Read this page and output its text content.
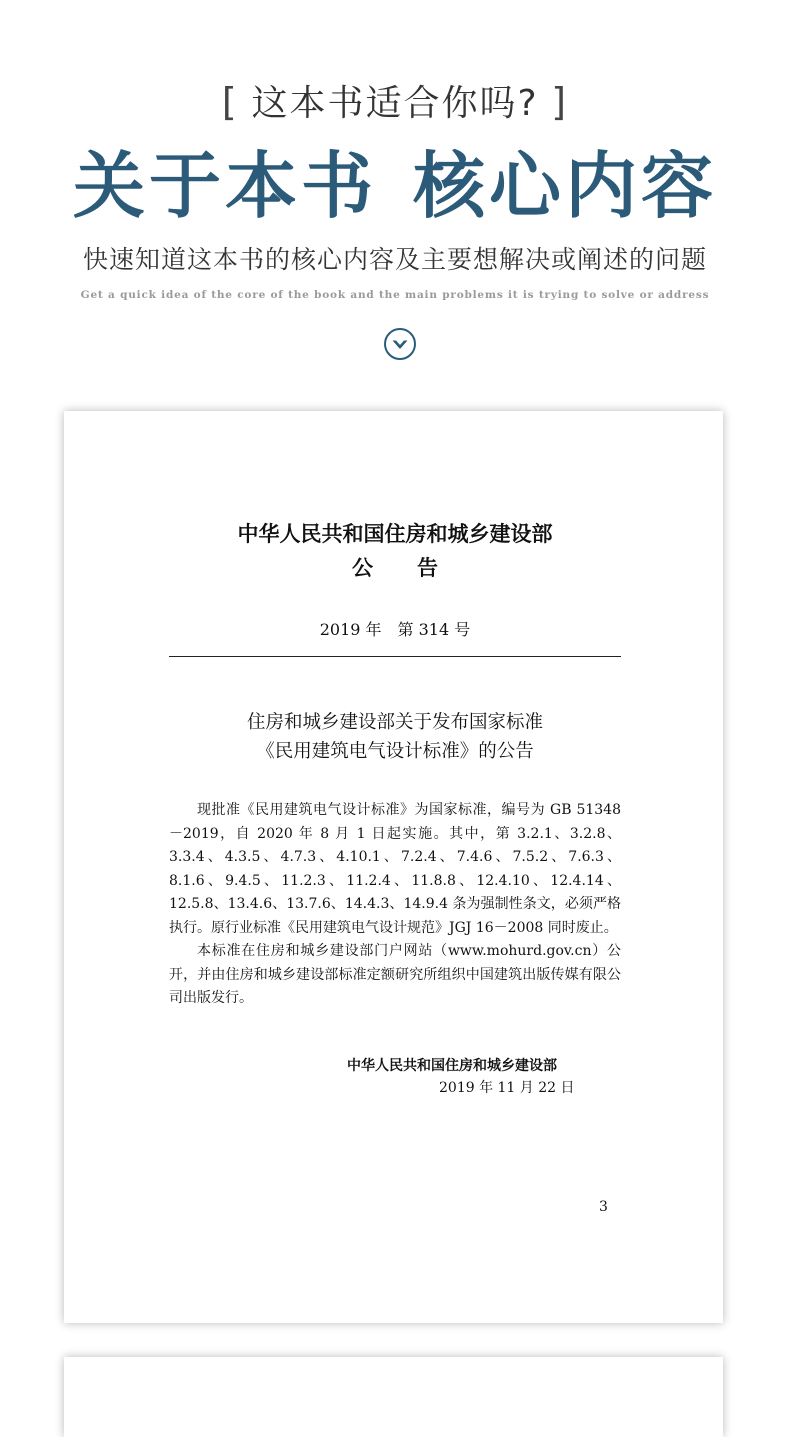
[ 这本书适合你吗? ]
关于本书 核心内容
快速知道这本书的核心内容及主要想解决或阐述的问题
Get a quick idea of the core of the book and the main problems it is trying to solve or address
中华人民共和国住房和城乡建设部
公告
2019 年　第 314 号
住房和城乡建设部关于发布国家标准
《民用建筑电气设计标准》的公告

现批准《民用建筑电气设计标准》为国家标准，编号为 GB 51348－2019，自 2020 年 8 月 1 日起实施。其中，第 3.2.1、3.2.8、3.3.4、4.3.5、4.7.3、4.10.1、7.2.4、7.4.6、7.5.2、7.6.3、8.1.6、9.4.5、11.2.3、11.2.4、11.8.8、12.4.10、12.4.14、12.5.8、13.4.6、13.7.6、14.4.3、14.9.4 条为强制性条文，必须严格执行。原行业标准《民用建筑电气设计规范》JGJ 16－2008 同时废止。

本标准在住房和城乡建设部门户网站（www.mohurd.gov.cn）公开，并由住房和城乡建设部标准定额研究所组织中国建筑出版传媒有限公司出版发行。

中华人民共和国住房和城乡建设部
2019 年 11 月 22 日
3
